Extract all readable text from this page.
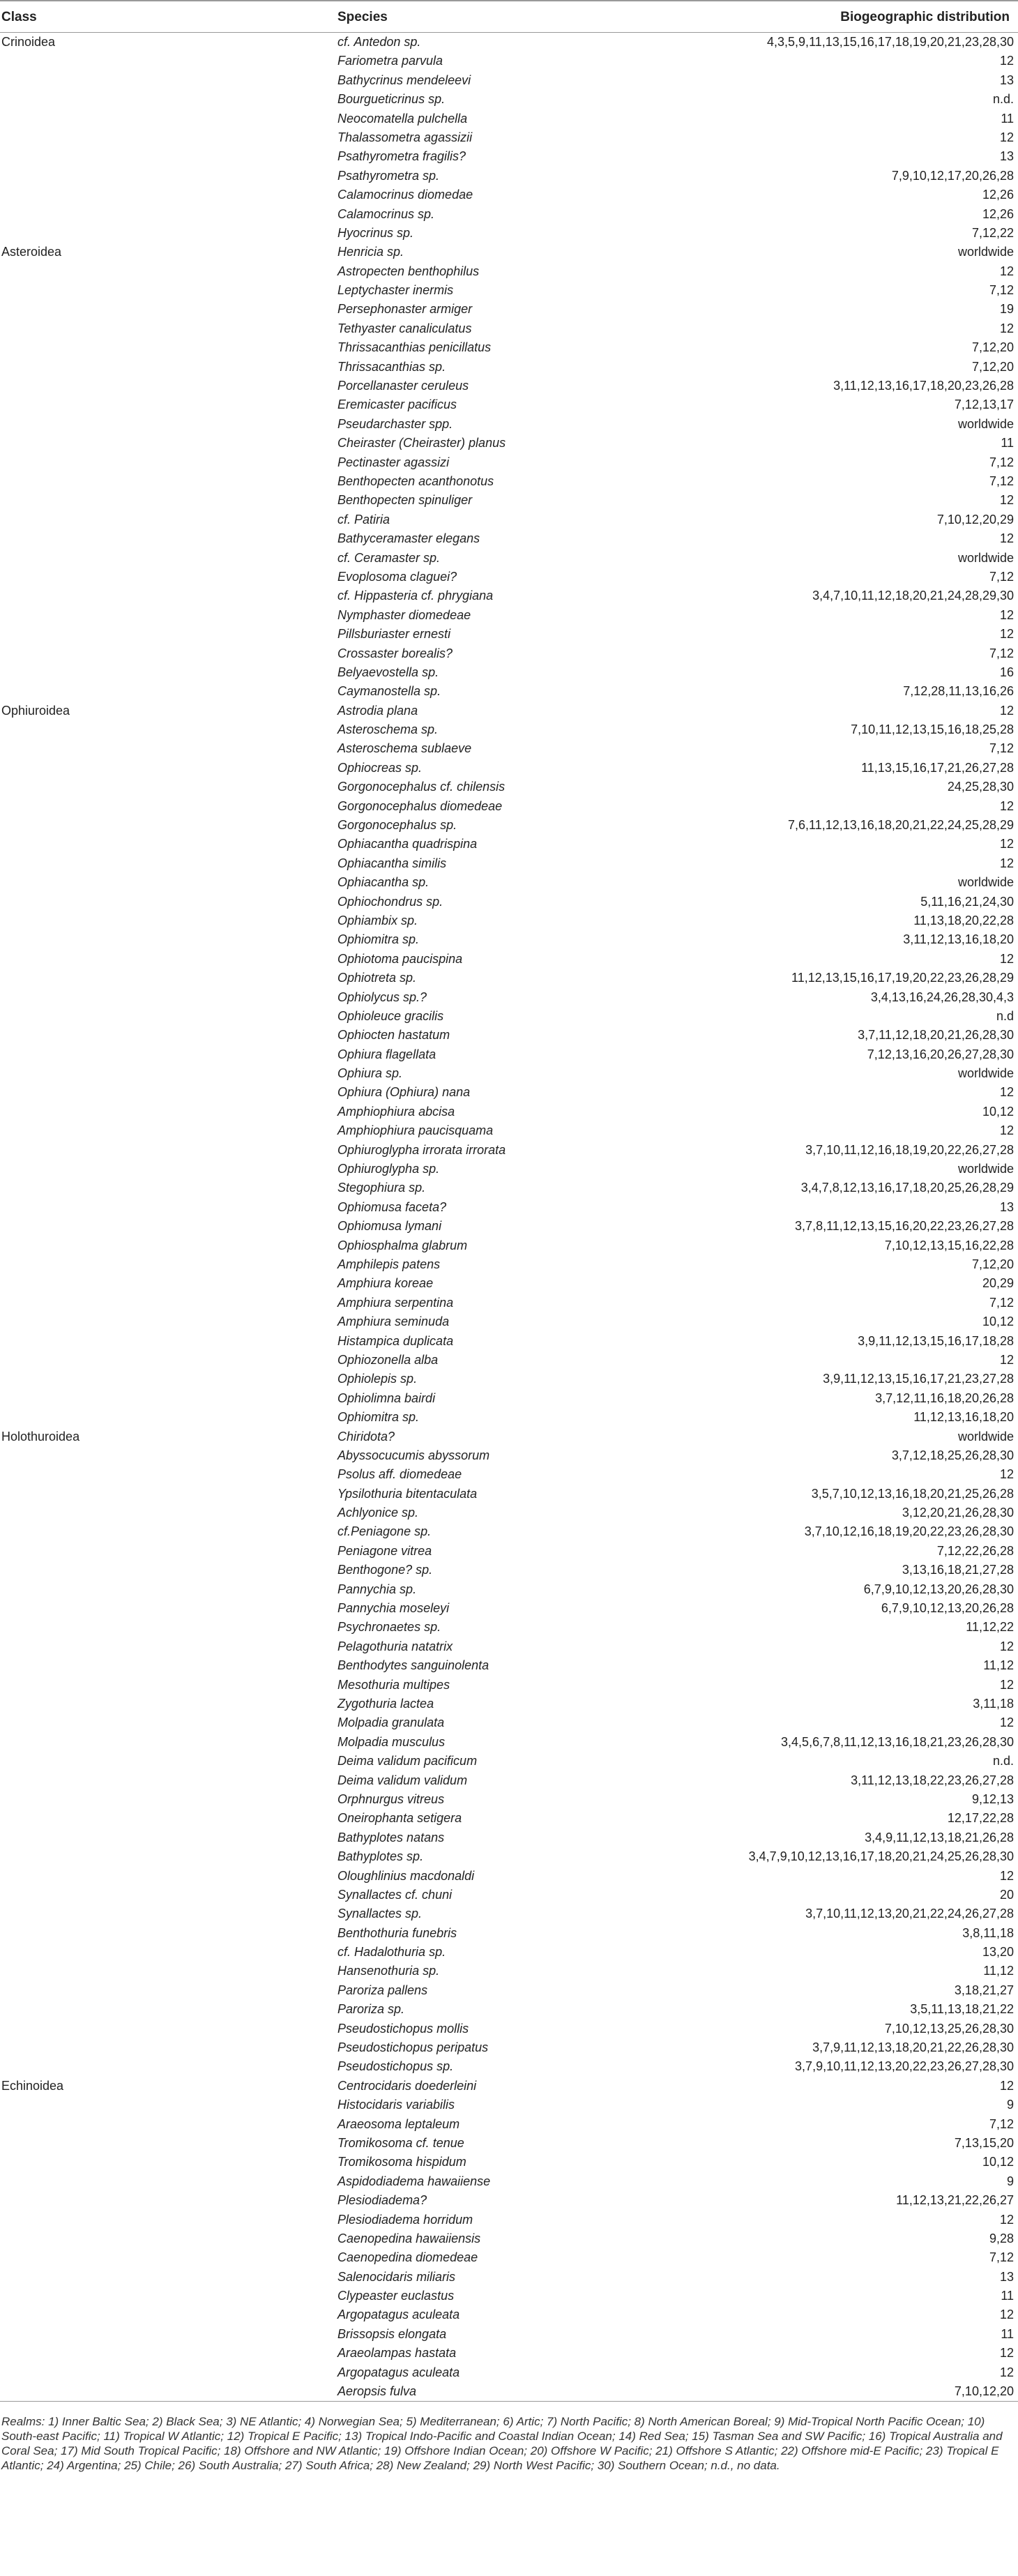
Class	Species	Biogeographic distribution
Crinoidea	cf. Antedon sp.	4,3,5,9,11,13,15,16,17,18,19,20,21,23,28,30
	Fariometra parvula	12
	Bathycrinus mendeleevi	13
	Bourgueticrinus sp.	n.d.
	Neocomatella pulchella	11
	Thalassometra agassizii	12
	Psathyrometra fragilis?	13
	Psathyrometra sp.	7,9,10,12,17,20,26,28
	Calamocrinus diomedae	12,26
	Calamocrinus sp.	12,26
	Hyocrinus sp.	7,12,22
Asteroidea	Henricia sp.	worldwide
	Astropecten benthophilus	12
	Leptychaster inermis	7,12
	Persephonaster armiger	19
	Tethyaster canaliculatus	12
	Thrissacanthias penicillatus	7,12,20
	Thrissacanthias sp.	7,12,20
	Porcellanaster ceruleus	3,11,12,13,16,17,18,20,23,26,28
	Eremicaster pacificus	7,12,13,17
	Pseudarchaster spp.	worldwide
	Cheiraster (Cheiraster) planus	11
	Pectinaster agassizi	7,12
	Benthopecten acanthonotus	7,12
	Benthopecten spinuliger	12
	cf. Patiria	7,10,12,20,29
	Bathyceramaster elegans	12
	cf. Ceramaster sp.	worldwide
	Evoplosoma claguei?	7,12
	cf. Hippasteria cf. phrygiana	3,4,7,10,11,12,18,20,21,24,28,29,30
	Nymphaster diomedeae	12
	Pillsburiaster ernesti	12
	Crossaster borealis?	7,12
	Belyaevostella sp.	16
	Caymanostella sp.	7,12,28,11,13,16,26
Ophiuroidea	Astrodia plana	12
	Asteroschema sp.	7,10,11,12,13,15,16,18,25,28
	Asteroschema sublaeve	7,12
	Ophiocreas sp.	11,13,15,16,17,21,26,27,28
	Gorgonocephalus cf. chilensis	24,25,28,30
	Gorgonocephalus diomedeae	12
	Gorgonocephalus sp.	7,6,11,12,13,16,18,20,21,22,24,25,28,29
	Ophiacantha quadrispina	12
	Ophiacantha similis	12
	Ophiacantha sp.	worldwide
	Ophiochondrus sp.	5,11,16,21,24,30
	Ophiambix sp.	11,13,18,20,22,28
	Ophiomitra sp.	3,11,12,13,16,18,20
	Ophiotoma paucispina	12
	Ophiotreta sp.	11,12,13,15,16,17,19,20,22,23,26,28,29
	Ophiolycus sp.?	3,4,13,16,24,26,28,30,4,3
	Ophioleuce gracilis	n.d
	Ophiocten hastatum	3,7,11,12,18,20,21,26,28,30
	Ophiura flagellata	7,12,13,16,20,26,27,28,30
	Ophiura sp.	worldwide
	Ophiura (Ophiura) nana	12
	Amphiophiura abcisa	10,12
	Amphiophiura paucisquama	12
	Ophiuroglypha irrorata irrorata	3,7,10,11,12,16,18,19,20,22,26,27,28
	Ophiuroglypha sp.	worldwide
	Stegophiura sp.	3,4,7,8,12,13,16,17,18,20,25,26,28,29
	Ophiomusa faceta?	13
	Ophiomusa lymani	3,7,8,11,12,13,15,16,20,22,23,26,27,28
	Ophiosphalma glabrum	7,10,12,13,15,16,22,28
	Amphilepis patens	7,12,20
	Amphiura koreae	20,29
	Amphiura serpentina	7,12
	Amphiura seminuda	10,12
	Histampica duplicata	3,9,11,12,13,15,16,17,18,28
	Ophiozonella alba	12
	Ophiolepis sp.	3,9,11,12,13,15,16,17,21,23,27,28
	Ophiolimna bairdi	3,7,12,11,16,18,20,26,28
	Ophiomitra sp.	11,12,13,16,18,20
Holothuroidea	Chiridota?	worldwide
	Abyssocucumis abyssorum	3,7,12,18,25,26,28,30
	Psolus aff. diomedeae	12
	Ypsilothuria bitentaculata	3,5,7,10,12,13,16,18,20,21,25,26,28
	Achlyonice sp.	3,12,20,21,26,28,30
	cf.Peniagone sp.	3,7,10,12,16,18,19,20,22,23,26,28,30
	Peniagone vitrea	7,12,22,26,28
	Benthogone? sp.	3,13,16,18,21,27,28
	Pannychia sp.	6,7,9,10,12,13,20,26,28,30
	Pannychia moseleyi	6,7,9,10,12,13,20,26,28
	Psychronaetes sp.	11,12,22
	Pelagothuria natatrix	12
	Benthodytes sanguinolenta	11,12
	Mesothuria multipes	12
	Zygothuria lactea	3,11,18
	Molpadia granulata	12
	Molpadia musculus	3,4,5,6,7,8,11,12,13,16,18,21,23,26,28,30
	Deima validum pacificum	n.d.
	Deima validum validum	3,11,12,13,18,22,23,26,27,28
	Orphnurgus vitreus	9,12,13
	Oneirophanta setigera	12,17,22,28
	Bathyplotes natans	3,4,9,11,12,13,18,21,26,28
	Bathyplotes sp.	3,4,7,9,10,12,13,16,17,18,20,21,24,25,26,28,30
	Oloughlinius macdonaldi	12
	Synallactes cf. chuni	20
	Synallactes sp.	3,7,10,11,12,13,20,21,22,24,26,27,28
	Benthothuria funebris	3,8,11,18
	cf. Hadalothuria sp.	13,20
	Hansenothuria sp.	11,12
	Paroriza pallens	3,18,21,27
	Paroriza sp.	3,5,11,13,18,21,22
	Pseudostichopus mollis	7,10,12,13,25,26,28,30
	Pseudostichopus peripatus	3,7,9,11,12,13,18,20,21,22,26,28,30
	Pseudostichopus sp.	3,7,9,10,11,12,13,20,22,23,26,27,28,30
Echinoidea	Centrocidaris doederleini	12
	Histocidaris variabilis	9
	Araeosoma leptaleum	7,12
	Tromikosoma cf. tenue	7,13,15,20
	Tromikosoma hispidum	10,12
	Aspidodiadema hawaiiense	9
	Plesiodiadema?	11,12,13,21,22,26,27
	Plesiodiadema horridum	12
	Caenopedina hawaiiensis	9,28
	Caenopedina diomedeae	7,12
	Salenocidaris miliaris	13
	Clypeaster euclastus	11
	Argopatagus aculeata	12
	Brissopsis elongata	11
	Araeolampas hastata	12
	Argopatagus aculeata	12
	Aeropsis fulva	7,10,12,20
Realms: 1) Inner Baltic Sea; 2) Black Sea; 3) NE Atlantic; 4) Norwegian Sea; 5) Mediterranean; 6) Artic; 7) North Pacific; 8) North American Boreal; 9) Mid-Tropical North Pacific Ocean; 10) South-east Pacific; 11) Tropical W Atlantic; 12) Tropical E Pacific; 13) Tropical Indo-Pacific and Coastal Indian Ocean; 14) Red Sea; 15) Tasman Sea and SW Pacific; 16) Tropical Australia and Coral Sea; 17) Mid South Tropical Pacific; 18) Offshore and NW Atlantic; 19) Offshore Indian Ocean; 20) Offshore W Pacific; 21) Offshore S Atlantic; 22) Offshore mid-E Pacific; 23) Tropical E Atlantic; 24) Argentina; 25) Chile; 26) South Australia; 27) South Africa; 28) New Zealand; 29) North West Pacific; 30) Southern Ocean; n.d., no data.
